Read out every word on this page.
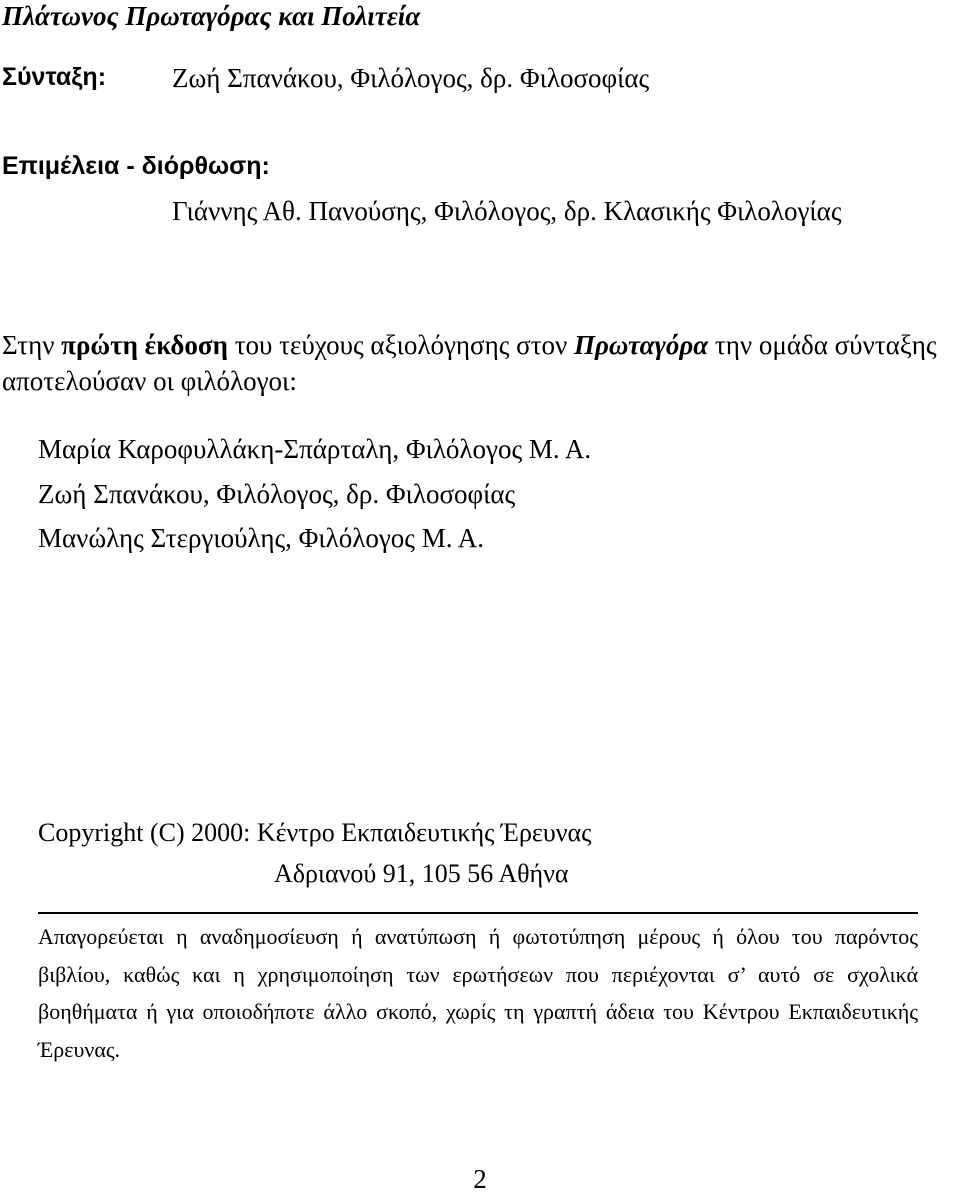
Πλάτωνος Πρωταγόρας και Πολιτεία
Σύνταξη: Ζωή Σπανάκου, Φιλόλογος, δρ. Φιλοσοφίας
Επιμέλεια - διόρθωση:
Γιάννης Αθ. Πανούσης, Φιλόλογος, δρ. Κλασικής Φιλολογίας
Στην πρώτη έκδοση του τεύχους αξιολόγησης στον Πρωταγόρα την ομάδα σύνταξης αποτελούσαν οι φιλόλογοι:
Μαρία Καροφυλλάκη-Σπάρταλη, Φιλόλογος Μ. Α.
Ζωή Σπανάκου, Φιλόλογος, δρ. Φιλοσοφίας
Μανώλης Στεργιούλης, Φιλόλογος Μ. Α.
Copyright (C) 2000: Κέντρο Εκπαιδευτικής Έρευνας
Αδριανού 91, 105 56 Αθήνα
Απαγορεύεται η αναδημοσίευση ή ανατύπωση ή φωτοτύπηση μέρους ή όλου του παρόντος βιβλίου, καθώς και η χρησιμοποίηση των ερωτήσεων που περιέχονται σ’ αυτό σε σχολικά βοηθήματα ή για οποιοδήποτε άλλο σκοπό, χωρίς τη γραπτή άδεια του Κέντρου Εκπαιδευτικής Έρευνας.
2
